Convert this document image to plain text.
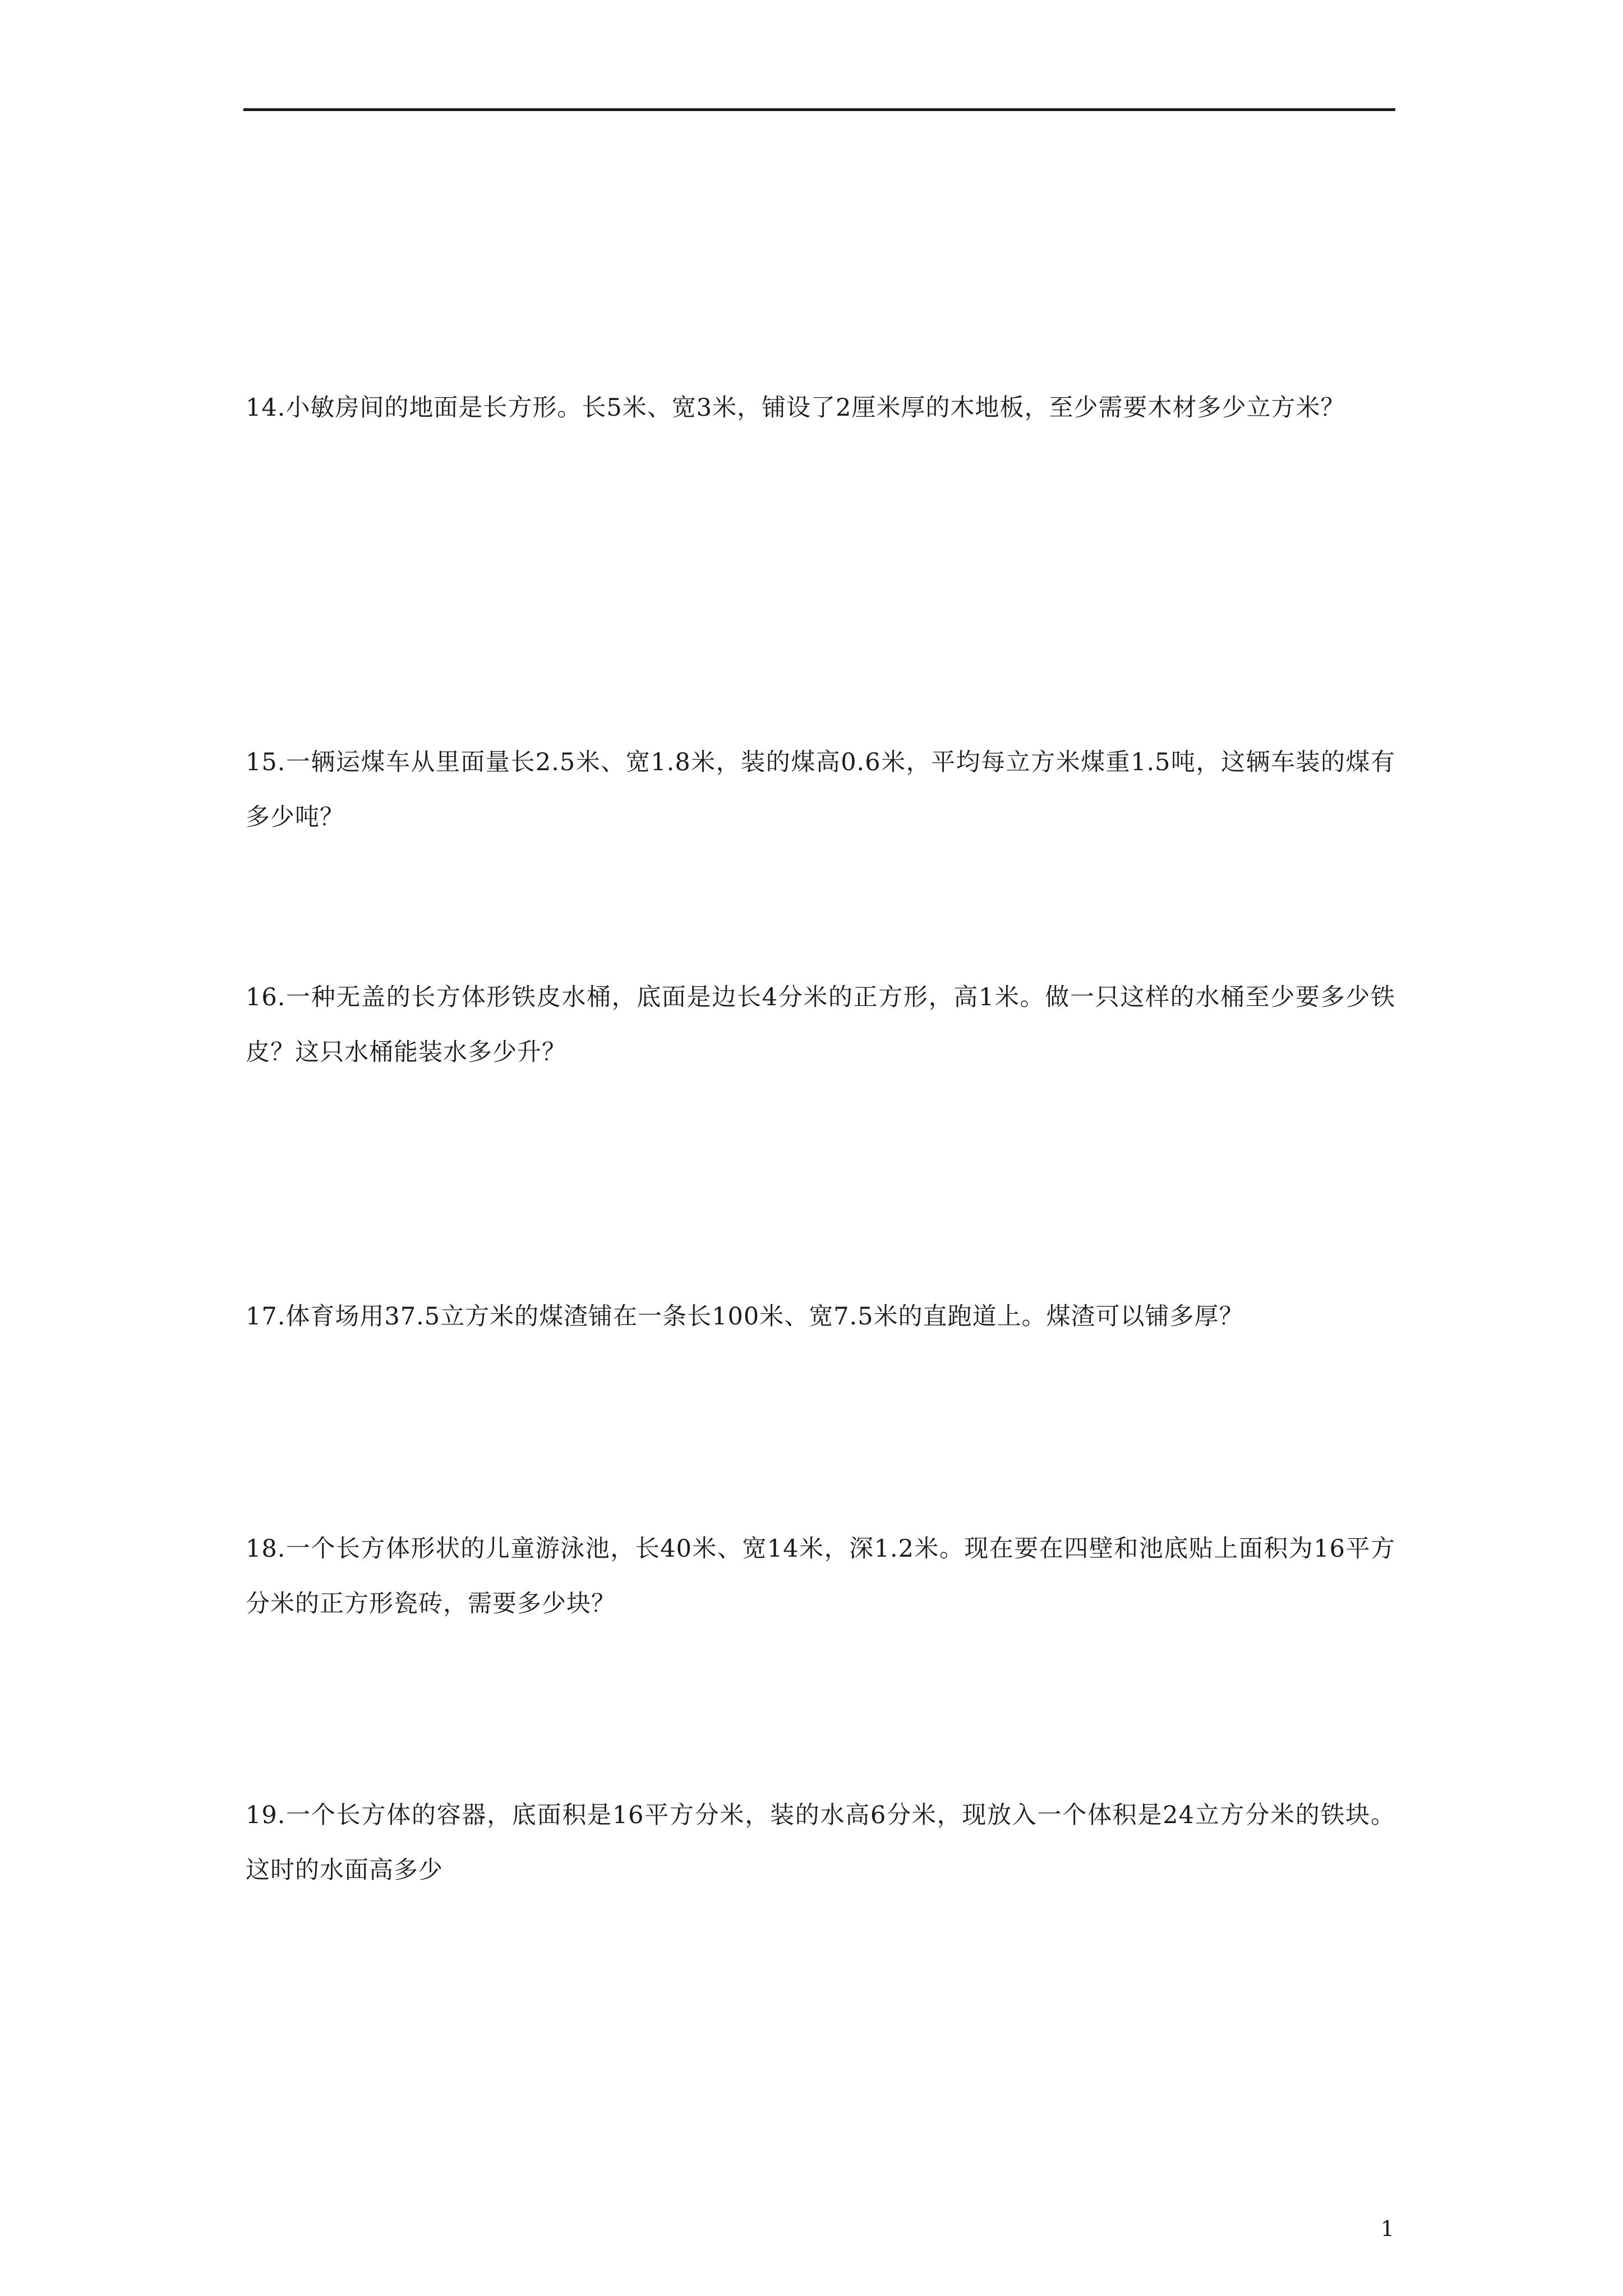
14.小敏房间的地面是长方形。长5米、宽3米，铺设了2厘米厚的木地板，至少需要木材多少立方米？

15.一辆运煤车从里面量长2.5米、宽1.8米，装的煤高0.6米，平均每立方米煤重1.5吨，这辆车装的煤有多少吨？

16.一种无盖的长方体形铁皮水桶，底面是边长4分米的正方形，高1米。做一只这样的水桶至少要多少铁皮？这只水桶能装水多少升？

17.体育场用37.5立方米的煤渣铺在一条长100米、宽7.5米的直跑道上。煤渣可以铺多厚？

18.一个长方体形状的儿童游泳池，长40米、宽14米，深1.2米。现在要在四壁和池底贴上面积为16平方分米的正方形瓷砖，需要多少块？

19.一个长方体的容器，底面积是16平方分米，装的水高6分米，现放入一个体积是24立方分米的铁块。这时的水面高多少

1
